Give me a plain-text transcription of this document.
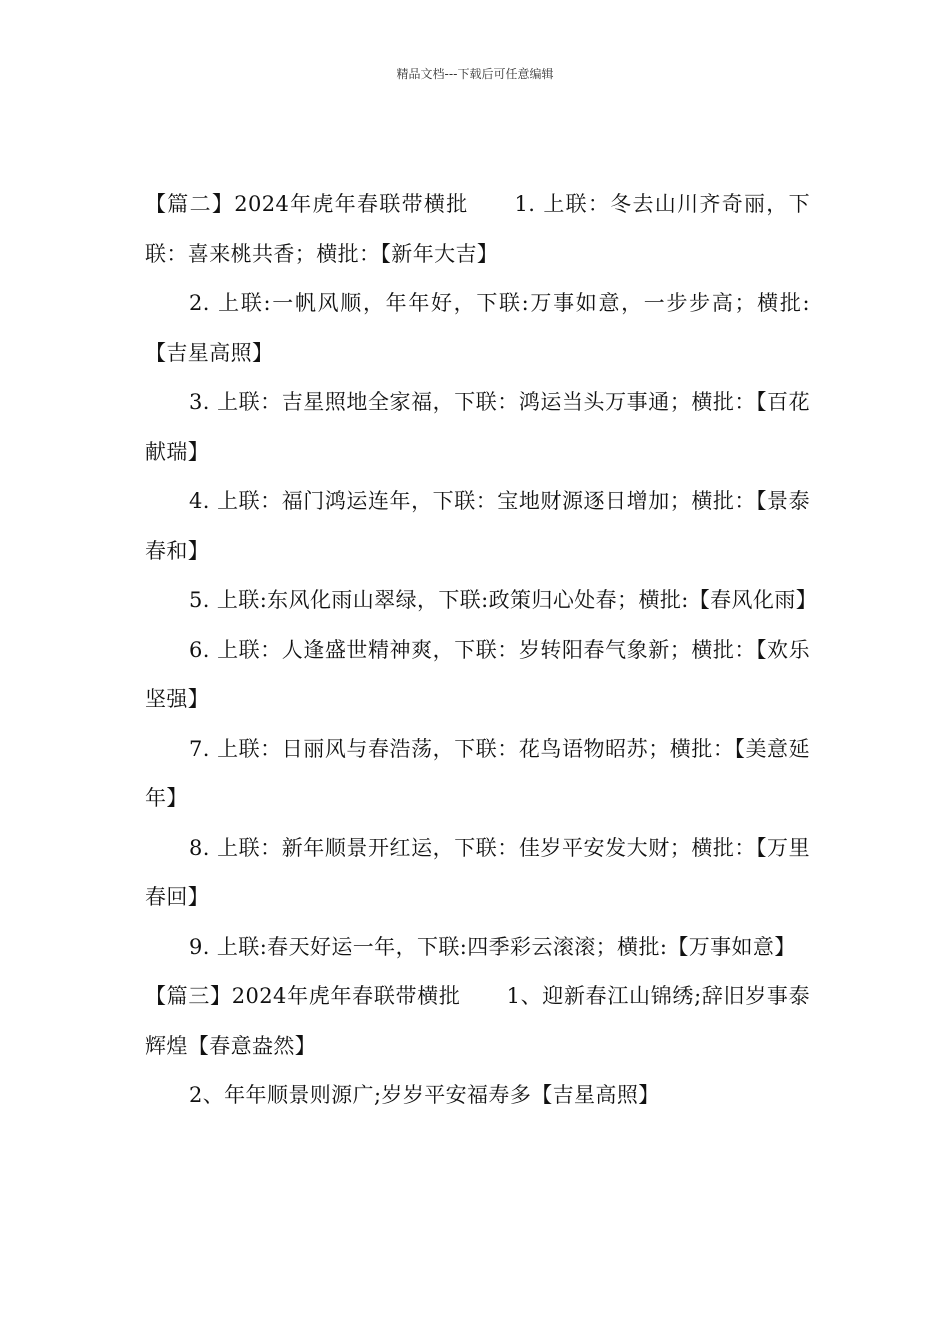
精品文档---下载后可任意编辑

【篇二】2024年虎年春联带横批 1. 上联：冬去山川齐奇丽，下联：喜来桃共香；横批：【新年大吉】

2. 上联:一帆风顺，年年好，下联:万事如意，一步步高；横批:【吉星高照】

3. 上联：吉星照地全家福，下联：鸿运当头万事通；横批：【百花献瑞】

4. 上联：福门鸿运连年，下联：宝地财源逐日增加；横批：【景泰春和】

5. 上联:东风化雨山翠绿，下联:政策归心处春；横批:【春风化雨】

6. 上联：人逢盛世精神爽，下联：岁转阳春气象新；横批：【欢乐坚强】

7. 上联：日丽风与春浩荡，下联：花鸟语物昭苏；横批：【美意延年】

8. 上联：新年顺景开红运，下联：佳岁平安发大财；横批：【万里春回】

9. 上联:春天好运一年，下联:四季彩云滚滚；横批:【万事如意】

【篇三】2024年虎年春联带横批 1、迎新春江山锦绣;辞旧岁事泰辉煌【春意盎然】

2、年年顺景则源广;岁岁平安福寿多【吉星高照】
